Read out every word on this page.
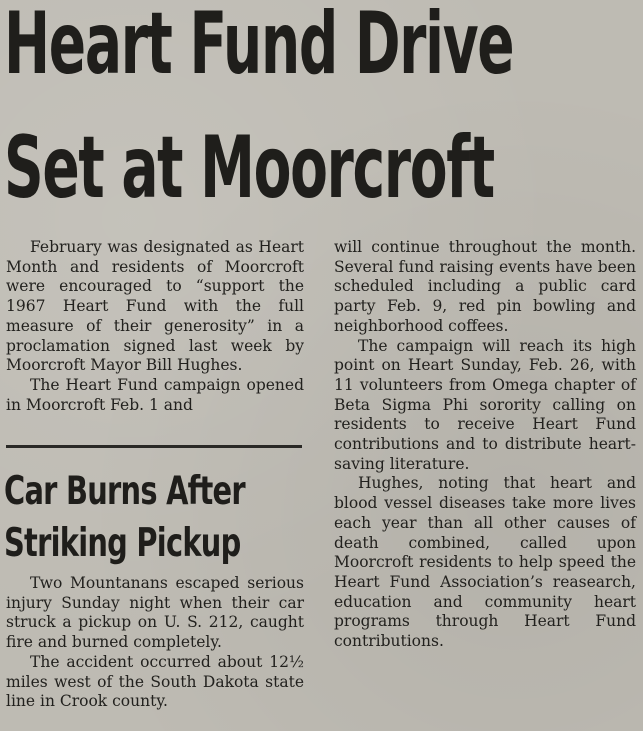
Heart Fund Drive
Set at Moorcroft

February was designated as Heart Month and residents of Moorcroft were encouraged to “support the 1967 Heart Fund with the full measure of their generosity” in a proclamation signed last week by Moorcroft Mayor Bill Hughes.

The Heart Fund campaign opened in Moorcroft Feb. 1 and

will continue throughout the month. Several fund raising events have been scheduled including a public card party Feb. 9, red pin bowling and neighborhood coffees.

The campaign will reach its high point on Heart Sunday, Feb. 26, with 11 volunteers from Omega chapter of Beta Sigma Phi sorority calling on residents to receive Heart Fund contributions and to distribute heart-saving literature.

Hughes, noting that heart and blood vessel diseases take more lives each year than all other causes of death combined, called upon Moorcroft residents to help speed the Heart Fund Association’s reasearch, education and community heart programs through Heart Fund contributions.

Car Burns After
Striking Pickup

Two Mountanans escaped serious injury Sunday night when their car struck a pickup on U. S. 212, caught fire and burned completely.

The accident occurred about 12½ miles west of the South Dakota state line in Crook county.
